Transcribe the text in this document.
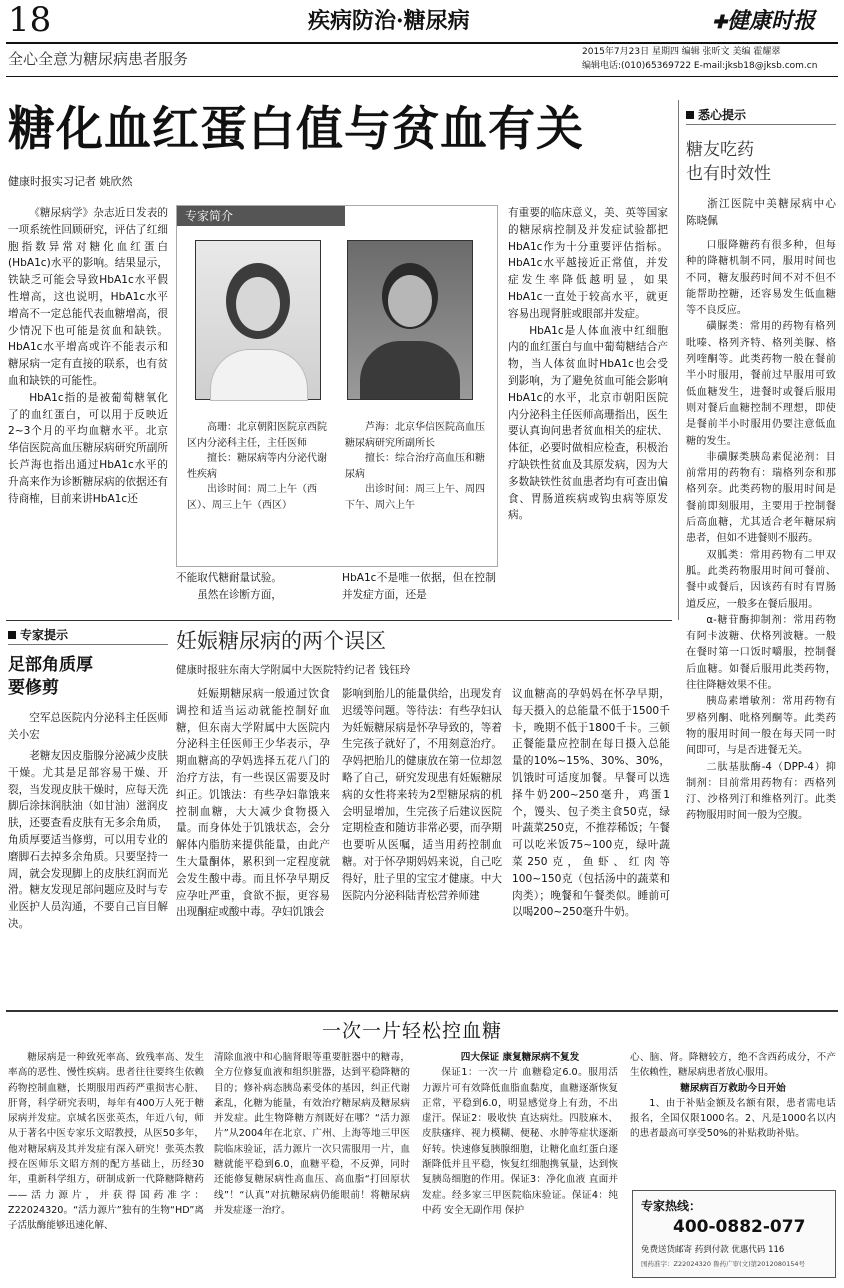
18	疾病防治·糖尿病	✚健康时报
全心全意为糖尿病患者服务	2015年7月23日 星期四 编辑 张昕文 美编 霍耀翠
编辑电话:(010)65369722 E-mail:jksb18@jksb.com.cn
糖化血红蛋白值与贫血有关
健康时报实习记者 姚欣然

《糖尿病学》杂志近日发表的一项系统性回顾研究，评估了红细胞指数异常对糖化血红蛋白(HbA1c)水平的影响。结果显示，铁缺乏可能会导致HbA1c水平假性增高，这也说明，HbA1c水平增高不一定总能代表血糖增高，很少情况下也可能是贫血和缺铁。HbA1c水平增高或许不能表示和糖尿病一定有直接的联系，也有贫血和缺铁的可能性。

HbA1c指的是被葡萄糖氧化了的血红蛋白，可以用于反映近2~3个月的平均血糖水平。北京华信医院高血压糖尿病研究所副所长芦海也指出通过HbA1c水平的升高来作为诊断糖尿病的依据还有待商榷，目前来讲HbA1c还

专家简介
高珊：北京朝阳医院京西院区内分泌科主任，主任医师
擅长：糖尿病等内分泌代谢性疾病
出诊时间：周二上午（西区）、周三上午（西区）
芦海：北京华信医院高血压糖尿病研究所副所长
擅长：综合治疗高血压和糖尿病
出诊时间：周三上午、周四下午、周六上午

不能取代糖耐量试验。

虽然在诊断方面，

HbA1c不是唯一依据，但在控制并发症方面，还是

有重要的临床意义，美、英等国家的糖尿病控制及并发症试验都把HbA1c作为十分重要评估指标。HbA1c水平越接近正常值，并发症发生率降低越明显，如果HbA1c一直处于较高水平，就更容易出现肾脏或眼部并发症。

HbA1c是人体血液中红细胞内的血红蛋白与血中葡萄糖结合产物，当人体贫血时HbA1c也会受到影响，为了避免贫血可能会影响HbA1c的水平，北京市朝阳医院内分泌科主任医师高珊指出，医生要认真询问患者贫血相关的症状、体征，必要时做相应检查，积极治疗缺铁性贫血及其原发病，因为大多数缺铁性贫血患者均有可查出偏食、胃肠道疾病或钩虫病等原发病。

悉心提示
糖友吃药
也有时效性

浙江医院中美糖尿病中心 陈晓佩

口服降糖药有很多种，但每种的降糖机制不同，服用时间也不同，糖友服药时间不对不但不能帮助控糖，还容易发生低血糖等不良反应。

磺脲类：常用的药物有格列吡嗪、格列齐特、格列美脲、格列喹酮等。此类药物一般在餐前半小时服用，餐前过早服用可致低血糖发生，进餐时或餐后服用则对餐后血糖控制不理想，即使是餐前半小时服用仍要注意低血糖的发生。

非磺脲类胰岛素促泌剂：目前常用的药物有：瑞格列奈和那格列奈。此类药物的服用时间是餐前即刻服用，主要用于控制餐后高血糖，尤其适合老年糖尿病患者，但如不进餐则不服药。

双胍类：常用药物有二甲双胍。此类药物服用时间可餐前、餐中或餐后，因该药有时有胃肠道反应，一般多在餐后服用。

α-糖苷酶抑制剂：常用药物有阿卡波糖、伏格列波糖。一般在餐时第一口饭时嚼服，控制餐后血糖。如餐后服用此类药物，往往降糖效果不佳。

胰岛素增敏剂：常用药物有罗格列酮、吡格列酮等。此类药物的服用时间一般在每天同一时间即可，与是否进餐无关。

二肽基肽酶-4（DPP-4）抑制剂：目前常用药物有：西格列汀、沙格列汀和维格列汀。此类药物服用时间一般为空腹。

专家提示
足部角质厚
要修剪

空军总医院内分泌科主任医师 关小宏

老糖友因皮脂腺分泌减少皮肤干燥。尤其是足部容易干燥、开裂，当发现皮肤干燥时，应每天洗脚后涂抹润肤油（如甘油）滋润皮肤，还要查看皮肤有无多余角质，角质厚要适当修剪，可以用专业的磨脚石去掉多余角质。只要坚持一周，就会发现脚上的皮肤红润而光滑。糖友发现足部问题应及时与专业医护人员沟通，不要自己盲目解决。

妊娠糖尿病的两个误区
健康时报驻东南大学附属中大医院特约记者 钱钰玲

妊娠期糖尿病一般通过饮食调控和适当运动就能控制好血糖，但东南大学附属中大医院内分泌科主任医师王少华表示，孕期血糖高的孕妈选择五花八门的治疗方法，有一些误区需要及时纠正。饥饿法：有些孕妇靠饿来控制血糖，大大减少食物摄入量。而身体处于饥饿状态，会分解体内脂肪来提供能量，由此产生大量酮体，累积到一定程度就会发生酸中毒。而且怀孕早期反应孕吐严重，食欲不振，更容易出现酮症或酸中毒。孕妇饥饿会

影响到胎儿的能量供给，出现发育迟缓等问题。等待法：有些孕妇认为妊娠糖尿病是怀孕导致的，等着生完孩子就好了，不用刻意治疗。孕妈把胎儿的健康放在第一位却忽略了自己，研究发现患有妊娠糖尿病的女性将来转为2型糖尿病的机会明显增加，生完孩子后建议医院定期检查和随访非常必要，而孕期也要听从医嘱，适当用药控制血糖。对于怀孕期妈妈来说，自己吃得好，肚子里的宝宝才健康。中大医院内分泌科陆青松营养师建

议血糖高的孕妈妈在怀孕早期，每天摄入的总能量不低于1500千卡，晚期不低于1800千卡。三顿正餐能量应控制在每日摄入总能量的10%~15%、30%、30%，饥饿时可适度加餐。早餐可以选择牛奶200~250毫升，鸡蛋1个，馒头、包子类主食50克，绿叶蔬菜250克，不推荐稀饭；午餐可以吃米饭75~100克，绿叶蔬菜250克，鱼虾、红肉等100~150克（包括汤中的蔬菜和肉类）；晚餐和午餐类似。睡前可以喝200~250毫升牛奶。

一次一片轻松控血糖

糖尿病是一种致死率高、致残率高、发生率高的恶性、慢性疾病。患者往往要终生依赖药物控制血糖，长期服用西药严重损害心脏、肝肾，科学研究表明，每年有400万人死于糖尿病并发症。京城名医张英杰，年近八旬，师从于著名中医专家乐文昭教授，从医50多年，他对糖尿病及其并发症有深入研究！张英杰教授在医师乐文昭方剂的配方基础上，历经30年，重新科学组方，研制成新一代降糖降糖药——活力源片，并获得国药准字：Z22024320。“活力源片”独有的生物“HD”离子活肽酶能够迅速化解、

清除血液中和心脑肾眼等重要脏器中的糖毒，全方位修复血液和组织脏器，达到平稳降糖的目的；修补病态胰岛素受体的基因，纠正代谢紊乱，化糖为能量，有效治疗糖尿病及糖尿病并发症。此生物降糖方剂既好在哪？“活力源片”从2004年在北京、广州、上海等地三甲医院临床验证，活力源片一次只需服用一片，血糖就能平稳到6.0，血糖平稳，不反弹，同时还能修复糖尿病性高血压、高血脂“打回原状线”！“认真”对抗糖尿病仍能眼前！将糖尿病并发症逐一治疗。

四大保证 康复糖尿病不复发

保证1：一次一片 血糖稳定6.0。服用活力源片可有效降低血脂血黏度，血糖逐渐恢复正常，平稳到6.0，明显感觉身上有劲，不出虚汗。保证2：吸收快 直达病灶。四肢麻木、皮肤瘙痒、视力模糊、便秘、水肿等症状逐渐好转。快速修复胰腺细胞，让糖化血红蛋白逐渐降低并且平稳，恢复红细胞携氧量，达到恢复胰岛细胞的作用。保证3：净化血液 直面并发症。经多家三甲医院临床验证。保证4：纯中药 安全无副作用 保护

心、脑、肾。降糖较方，绝不含西药成分，不产生依赖性，糖尿病患者放心服用。

糖尿病百万救助今日开始

1、由于补贴金额及名额有限，患者需电话报名，全国仅限1000名。2、凡是1000名以内的患者最高可享受50%的补贴救助补贴。

专家热线：
400-0882-077
免费送货邮寄 药到付款 优惠代码 116
国药准字：Z22024320 鲁药广审(文)第2012080154号
